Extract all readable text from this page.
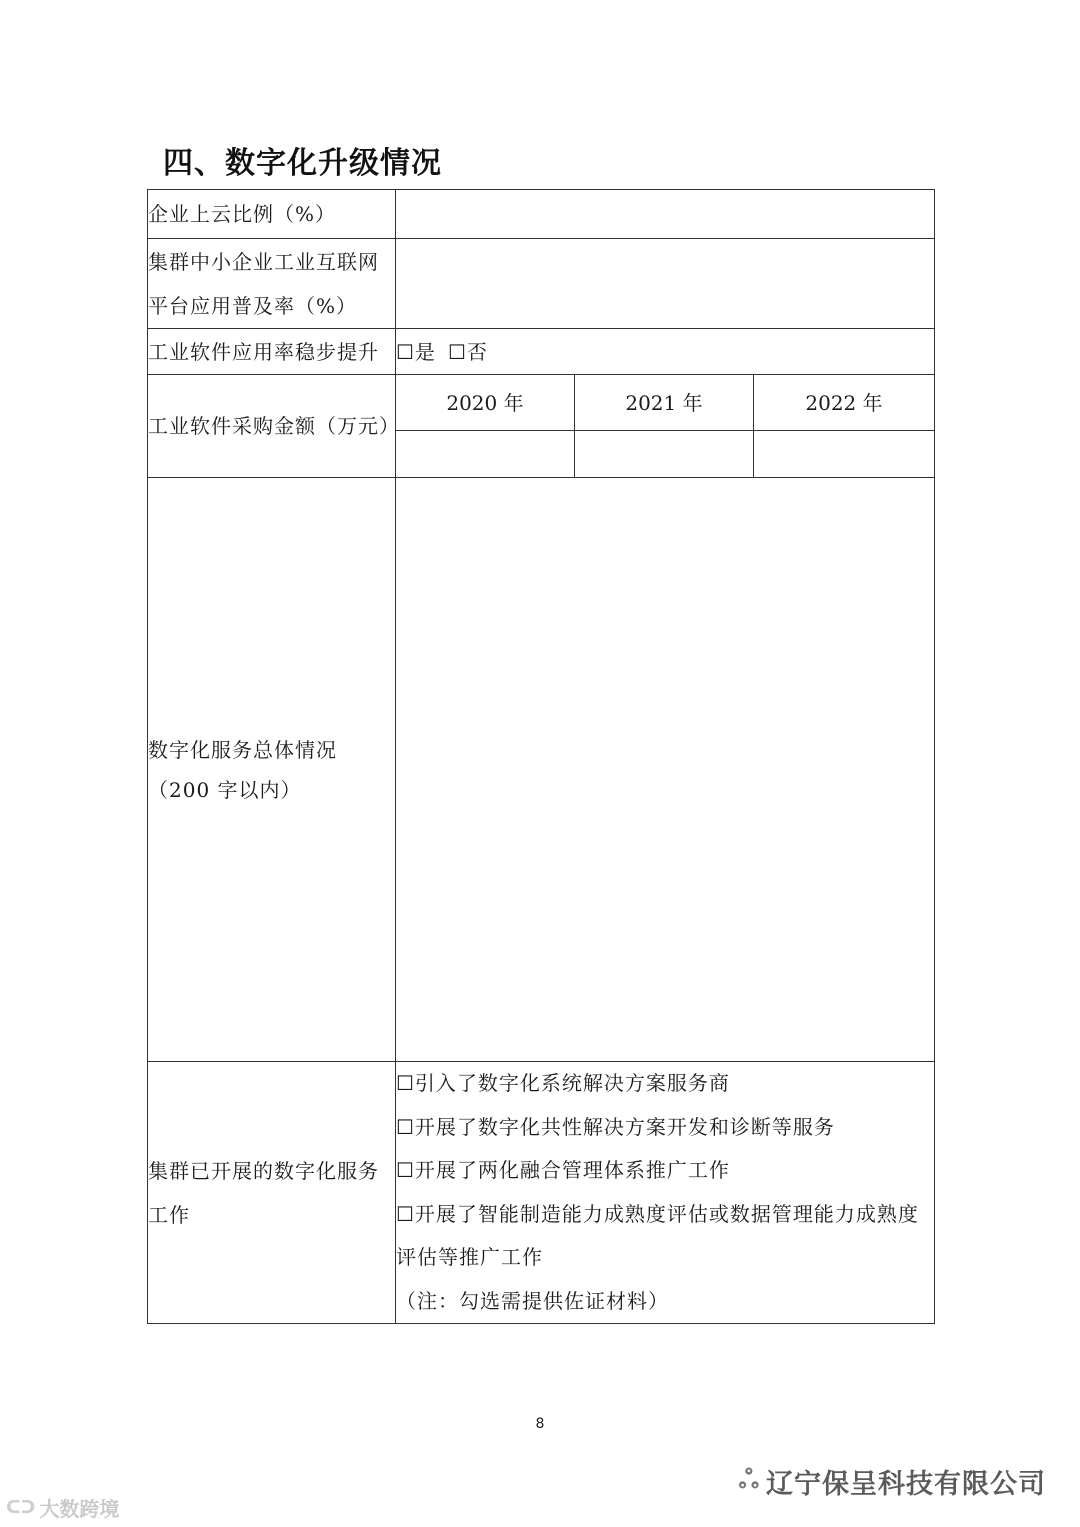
四、数字化升级情况
企业上云比例（%）			

集群中小企业工业互联网
平台应用普及率（%）			

工业软件应用率稳步提升	☐是 ☐否		
工业软件采购金额（万元）	2020 年	2021 年	2022 年

数字化服务总体情况
（200 字以内）			

集群已开展的数字化服务
工作	☐引入了数字化系统解决方案服务商
☐开展了数字化共性解决方案开发和诊断等服务
☐开展了两化融合管理体系推广工作
☐开展了智能制造能力成熟度评估或数据管理能力成熟度评估等推广工作
（注：勾选需提供佐证材料）		
8
ஃ 辽宁保呈科技有限公司
ᑕᑐ 大数跨境
